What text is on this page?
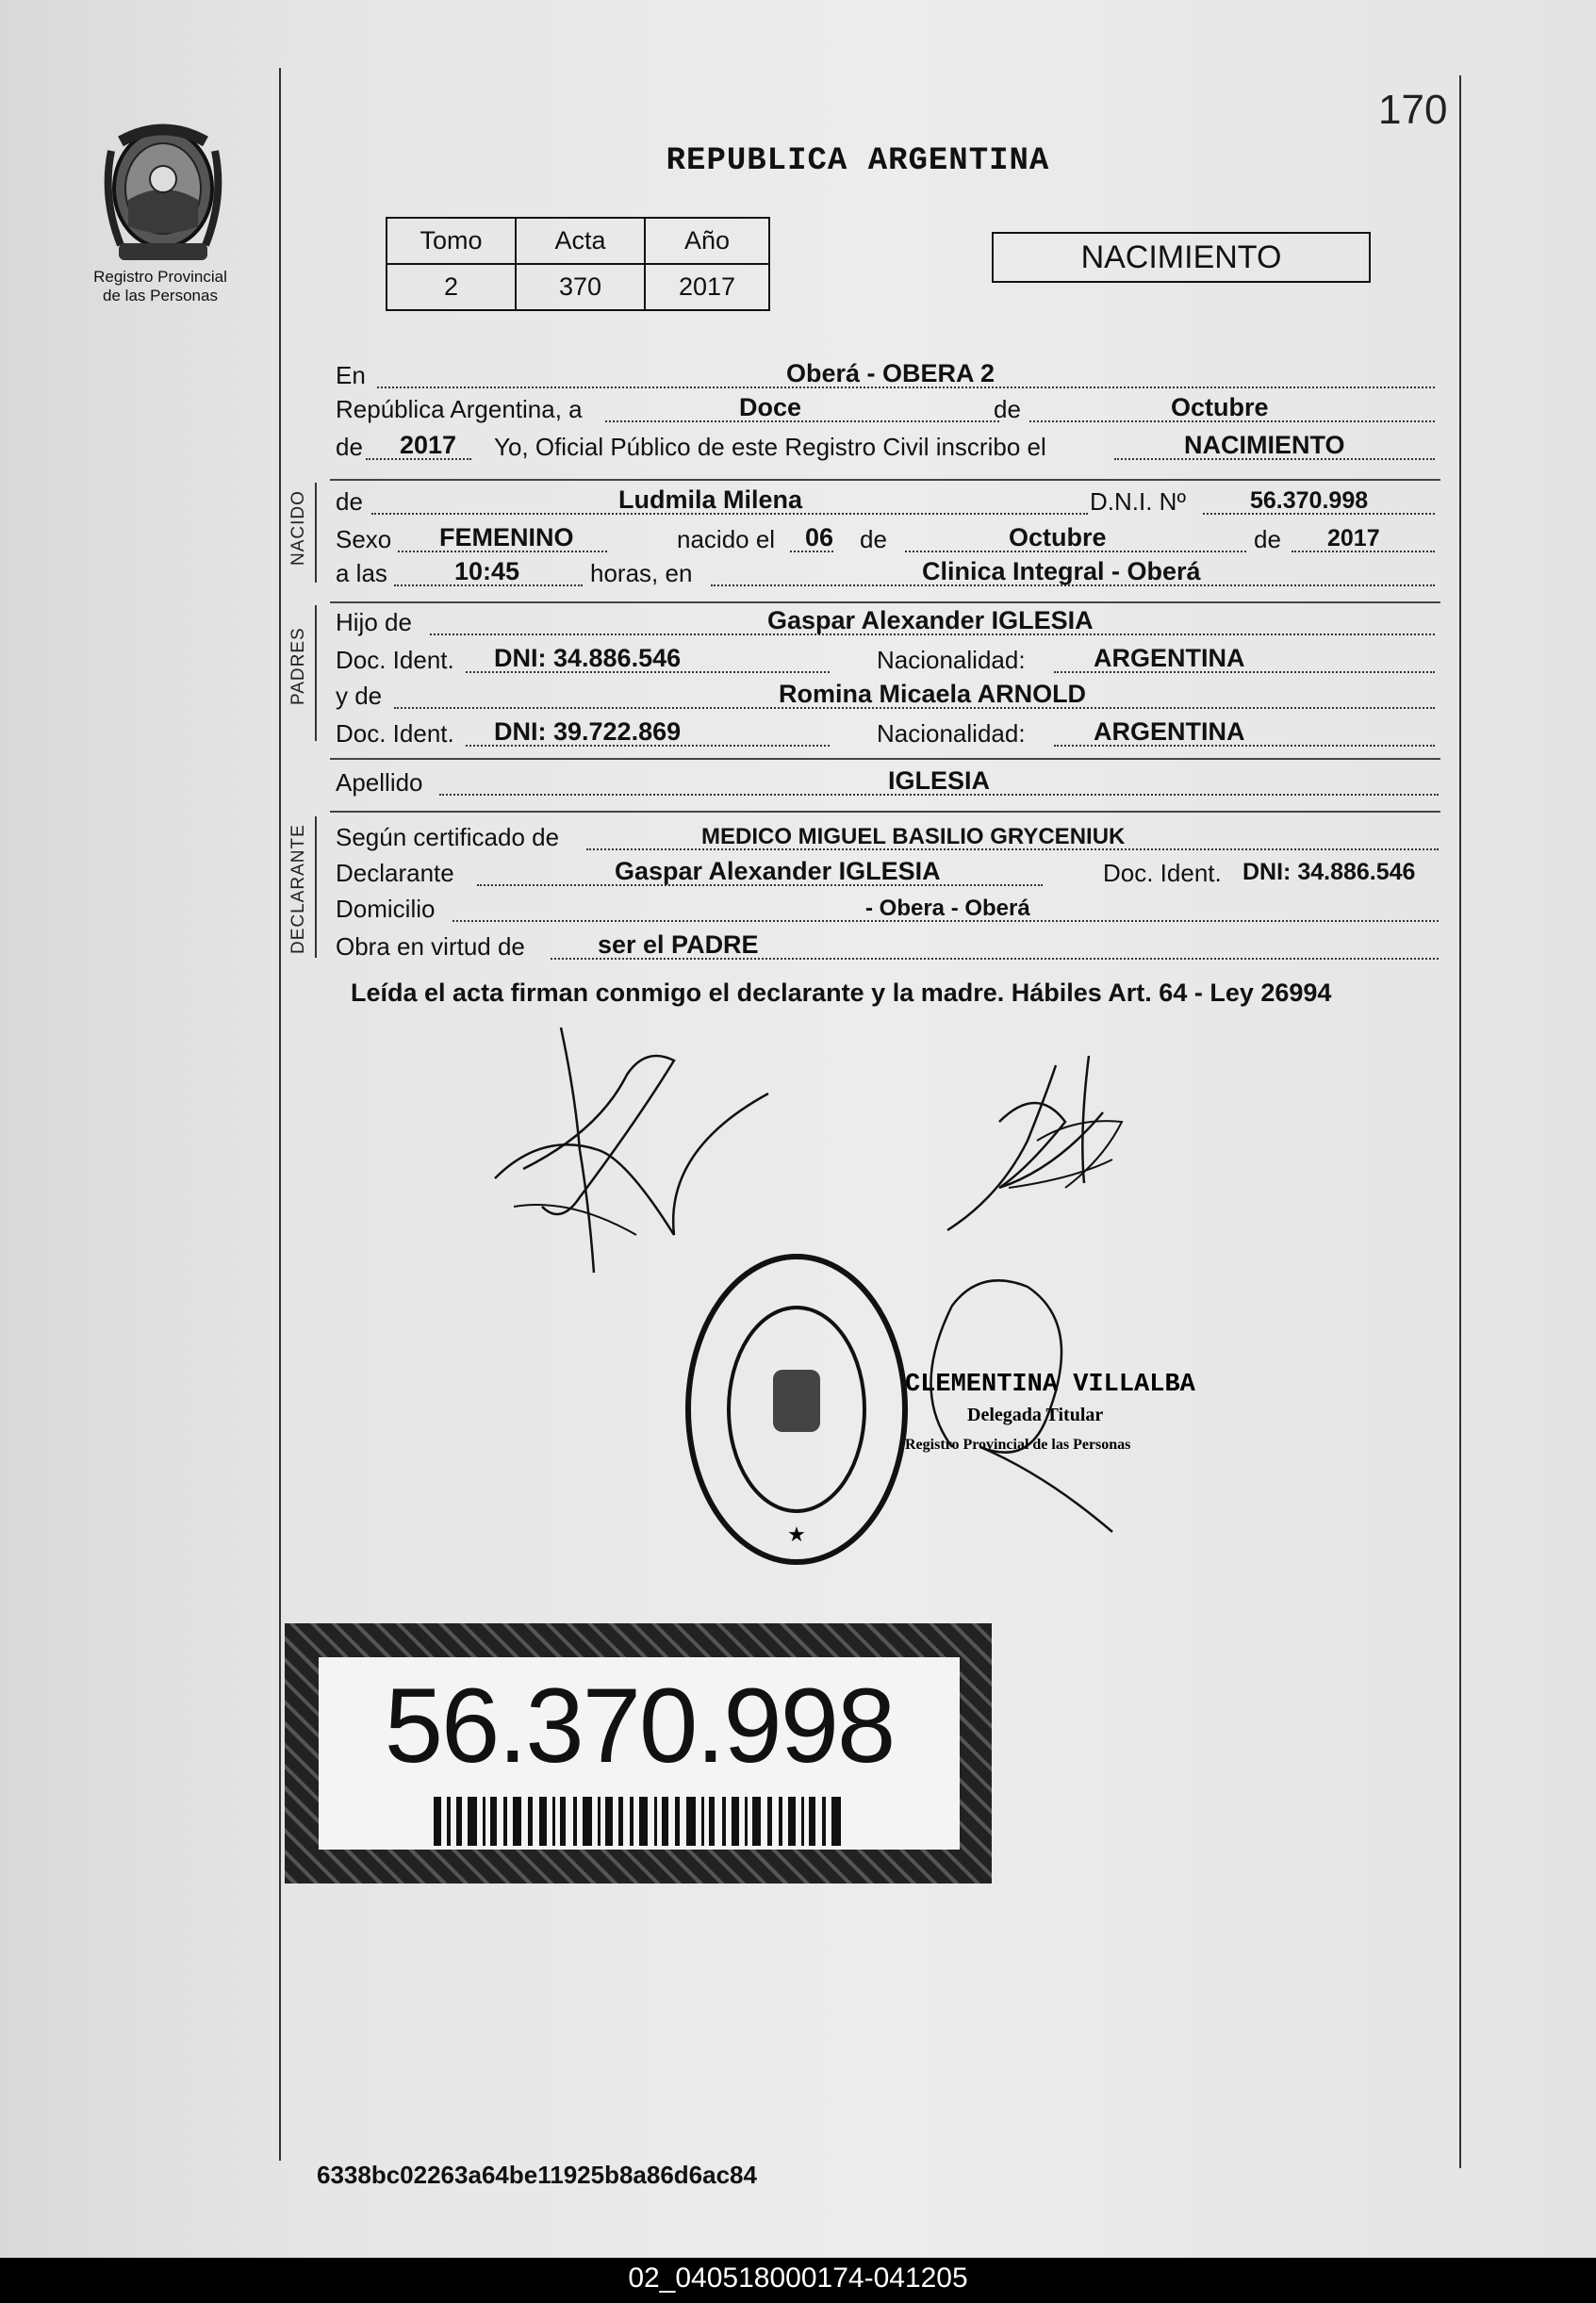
170
Registro Provincial
de las Personas
REPUBLICA ARGENTINA
Tomo	Acta	Año
2	370	2017
NACIMIENTO
En	Oberá - OBERA 2
República Argentina, a	Doce	de	Octubre
de 2017 Yo, Oficial Público de este Registro Civil inscribo el	NACIMIENTO
NACIDO de	Ludmila Milena	D.N.I. Nº	56.370.998
Sexo FEMENINO	nacido el 06 de	Octubre	de 2017
a las	10:45	horas, en	Clinica Integral - Oberá
PADRES
Hijo de	Gaspar Alexander IGLESIA
Doc. Ident. DNI: 34.886.546	Nacionalidad:	ARGENTINA
y de	Romina Micaela ARNOLD
Doc. Ident. DNI: 39.722.869	Nacionalidad:	ARGENTINA
Apellido	IGLESIA
DECLARANTE Según certificado de	MEDICO MIGUEL BASILIO GRYCENIUK
Declarante	Gaspar Alexander IGLESIA	Doc. Ident. DNI: 34.886.546
Domicilio	- Obera - Oberá
Obra en virtud de	ser el PADRE
Leída el acta firman conmigo el declarante y la madre. Hábiles Art. 64 - Ley 26994
★
CLEMENTINA VILLALBA
Delegada Titular
Registro Provincial de las Personas
56.370.998
6338bc02263a64be11925b8a86d6ac84
02_040518000174-041205
